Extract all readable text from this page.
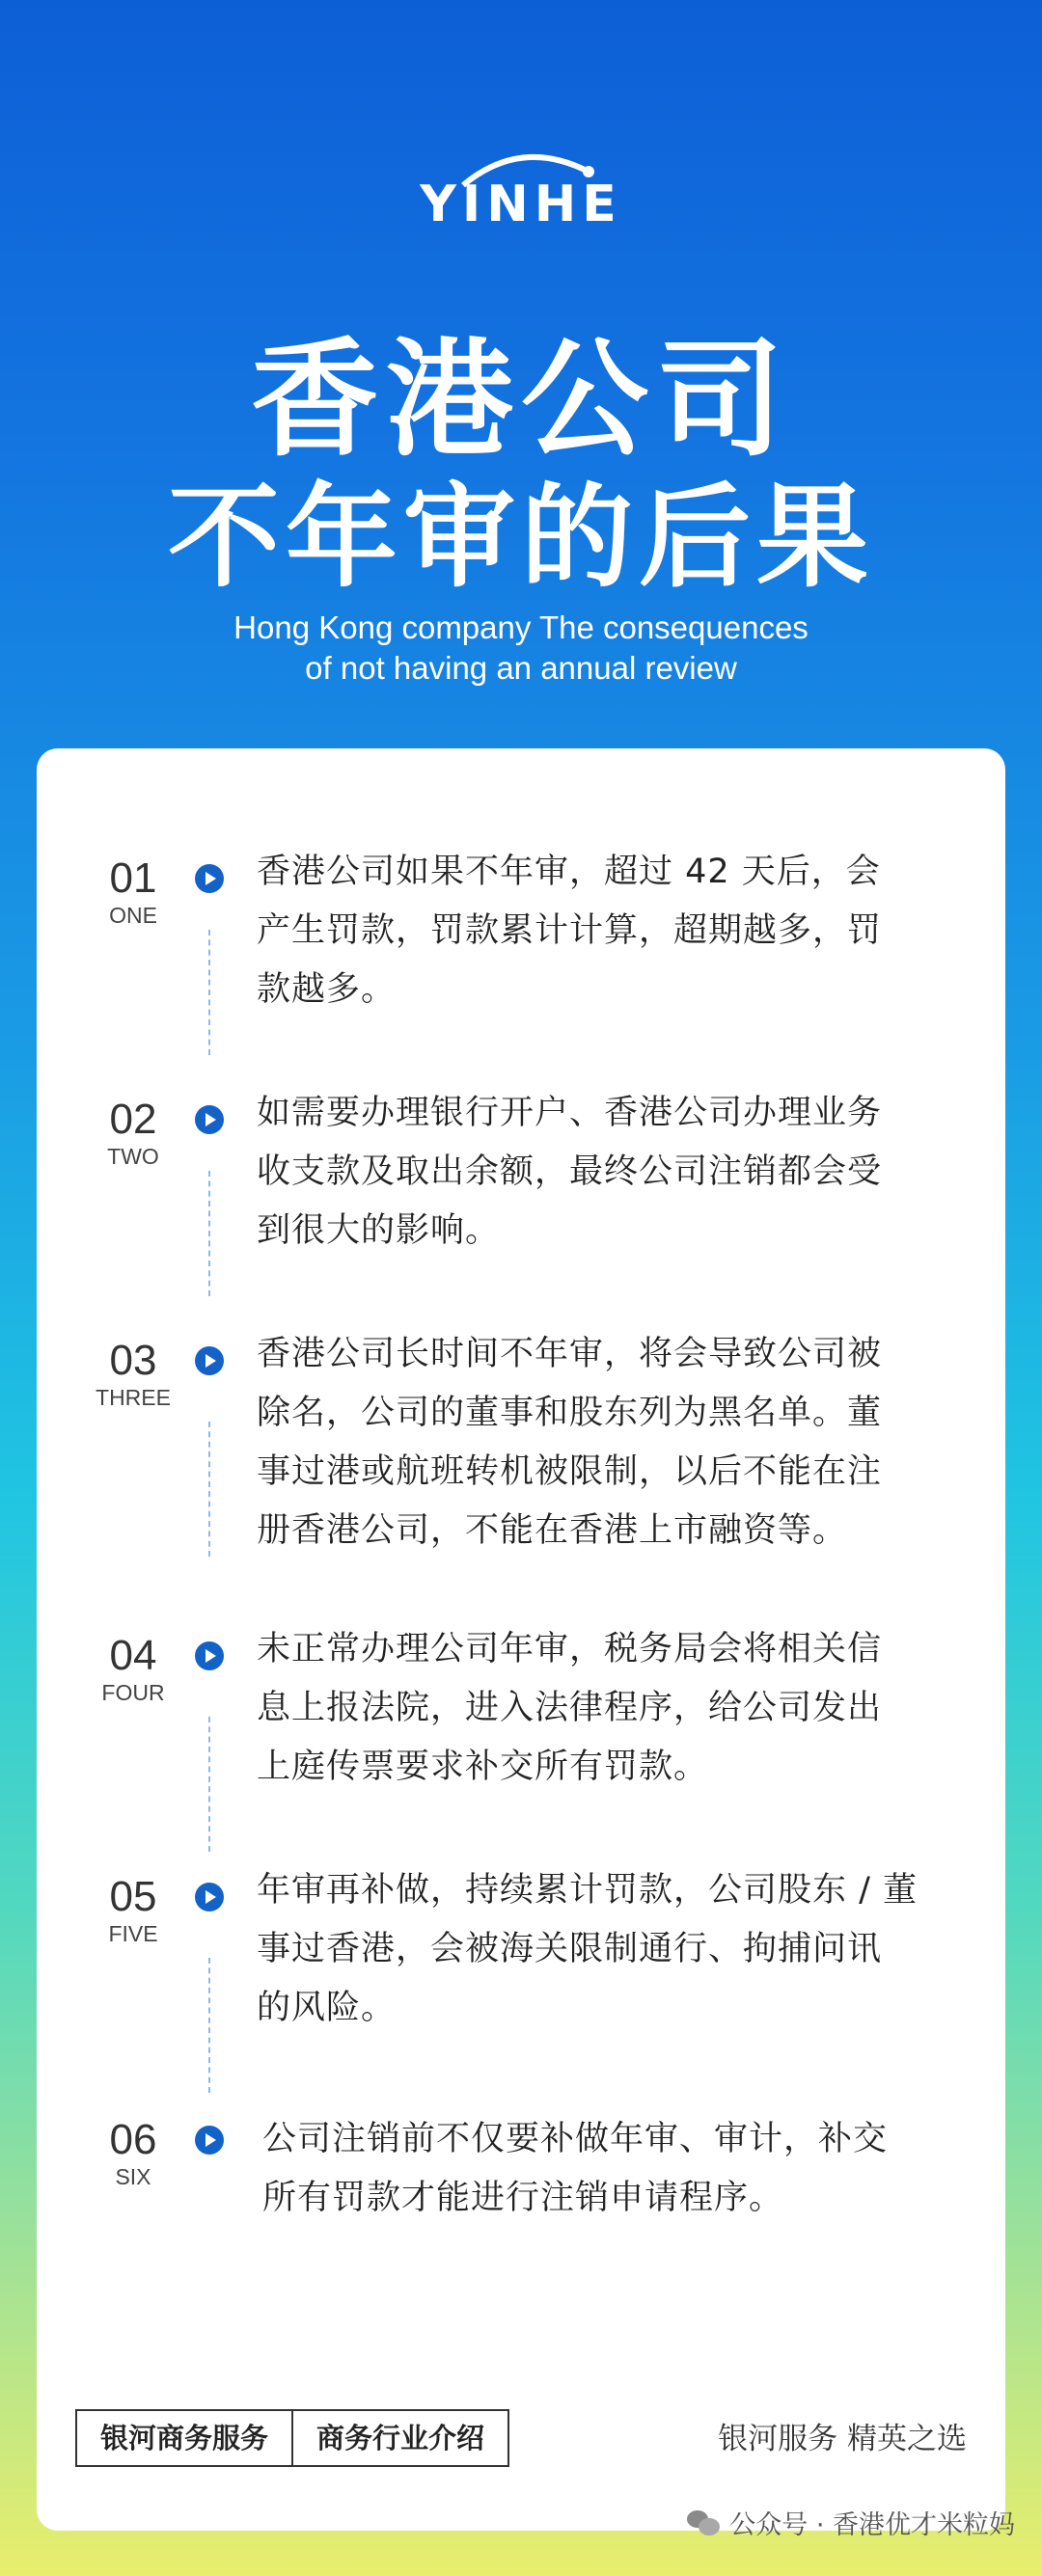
YINHE
香港公司
不年审的后果
Hong Kong company The consequences
of not having an annual review
01
ONE
香港公司如果不年审，超过 42 天后，会
产生罚款，罚款累计计算，超期越多，罚
款越多。
02
TWO
如需要办理银行开户、香港公司办理业务
收支款及取出余额，最终公司注销都会受
到很大的影响。
03
THREE
香港公司长时间不年审，将会导致公司被
除名，公司的董事和股东列为黑名单。董
事过港或航班转机被限制，以后不能在注
册香港公司，不能在香港上市融资等。
04
FOUR
未正常办理公司年审，税务局会将相关信
息上报法院，进入法律程序，给公司发出
上庭传票要求补交所有罚款。
05
FIVE
年审再补做，持续累计罚款，公司股东 / 董
事过香港，会被海关限制通行、拘捕问讯
的风险。
06
SIX
公司注销前不仅要补做年审、审计，补交
所有罚款才能进行注销申请程序。
银河商务服务	商务行业介绍	银河服务 精英之选
公众号 · 香港优才米粒妈
